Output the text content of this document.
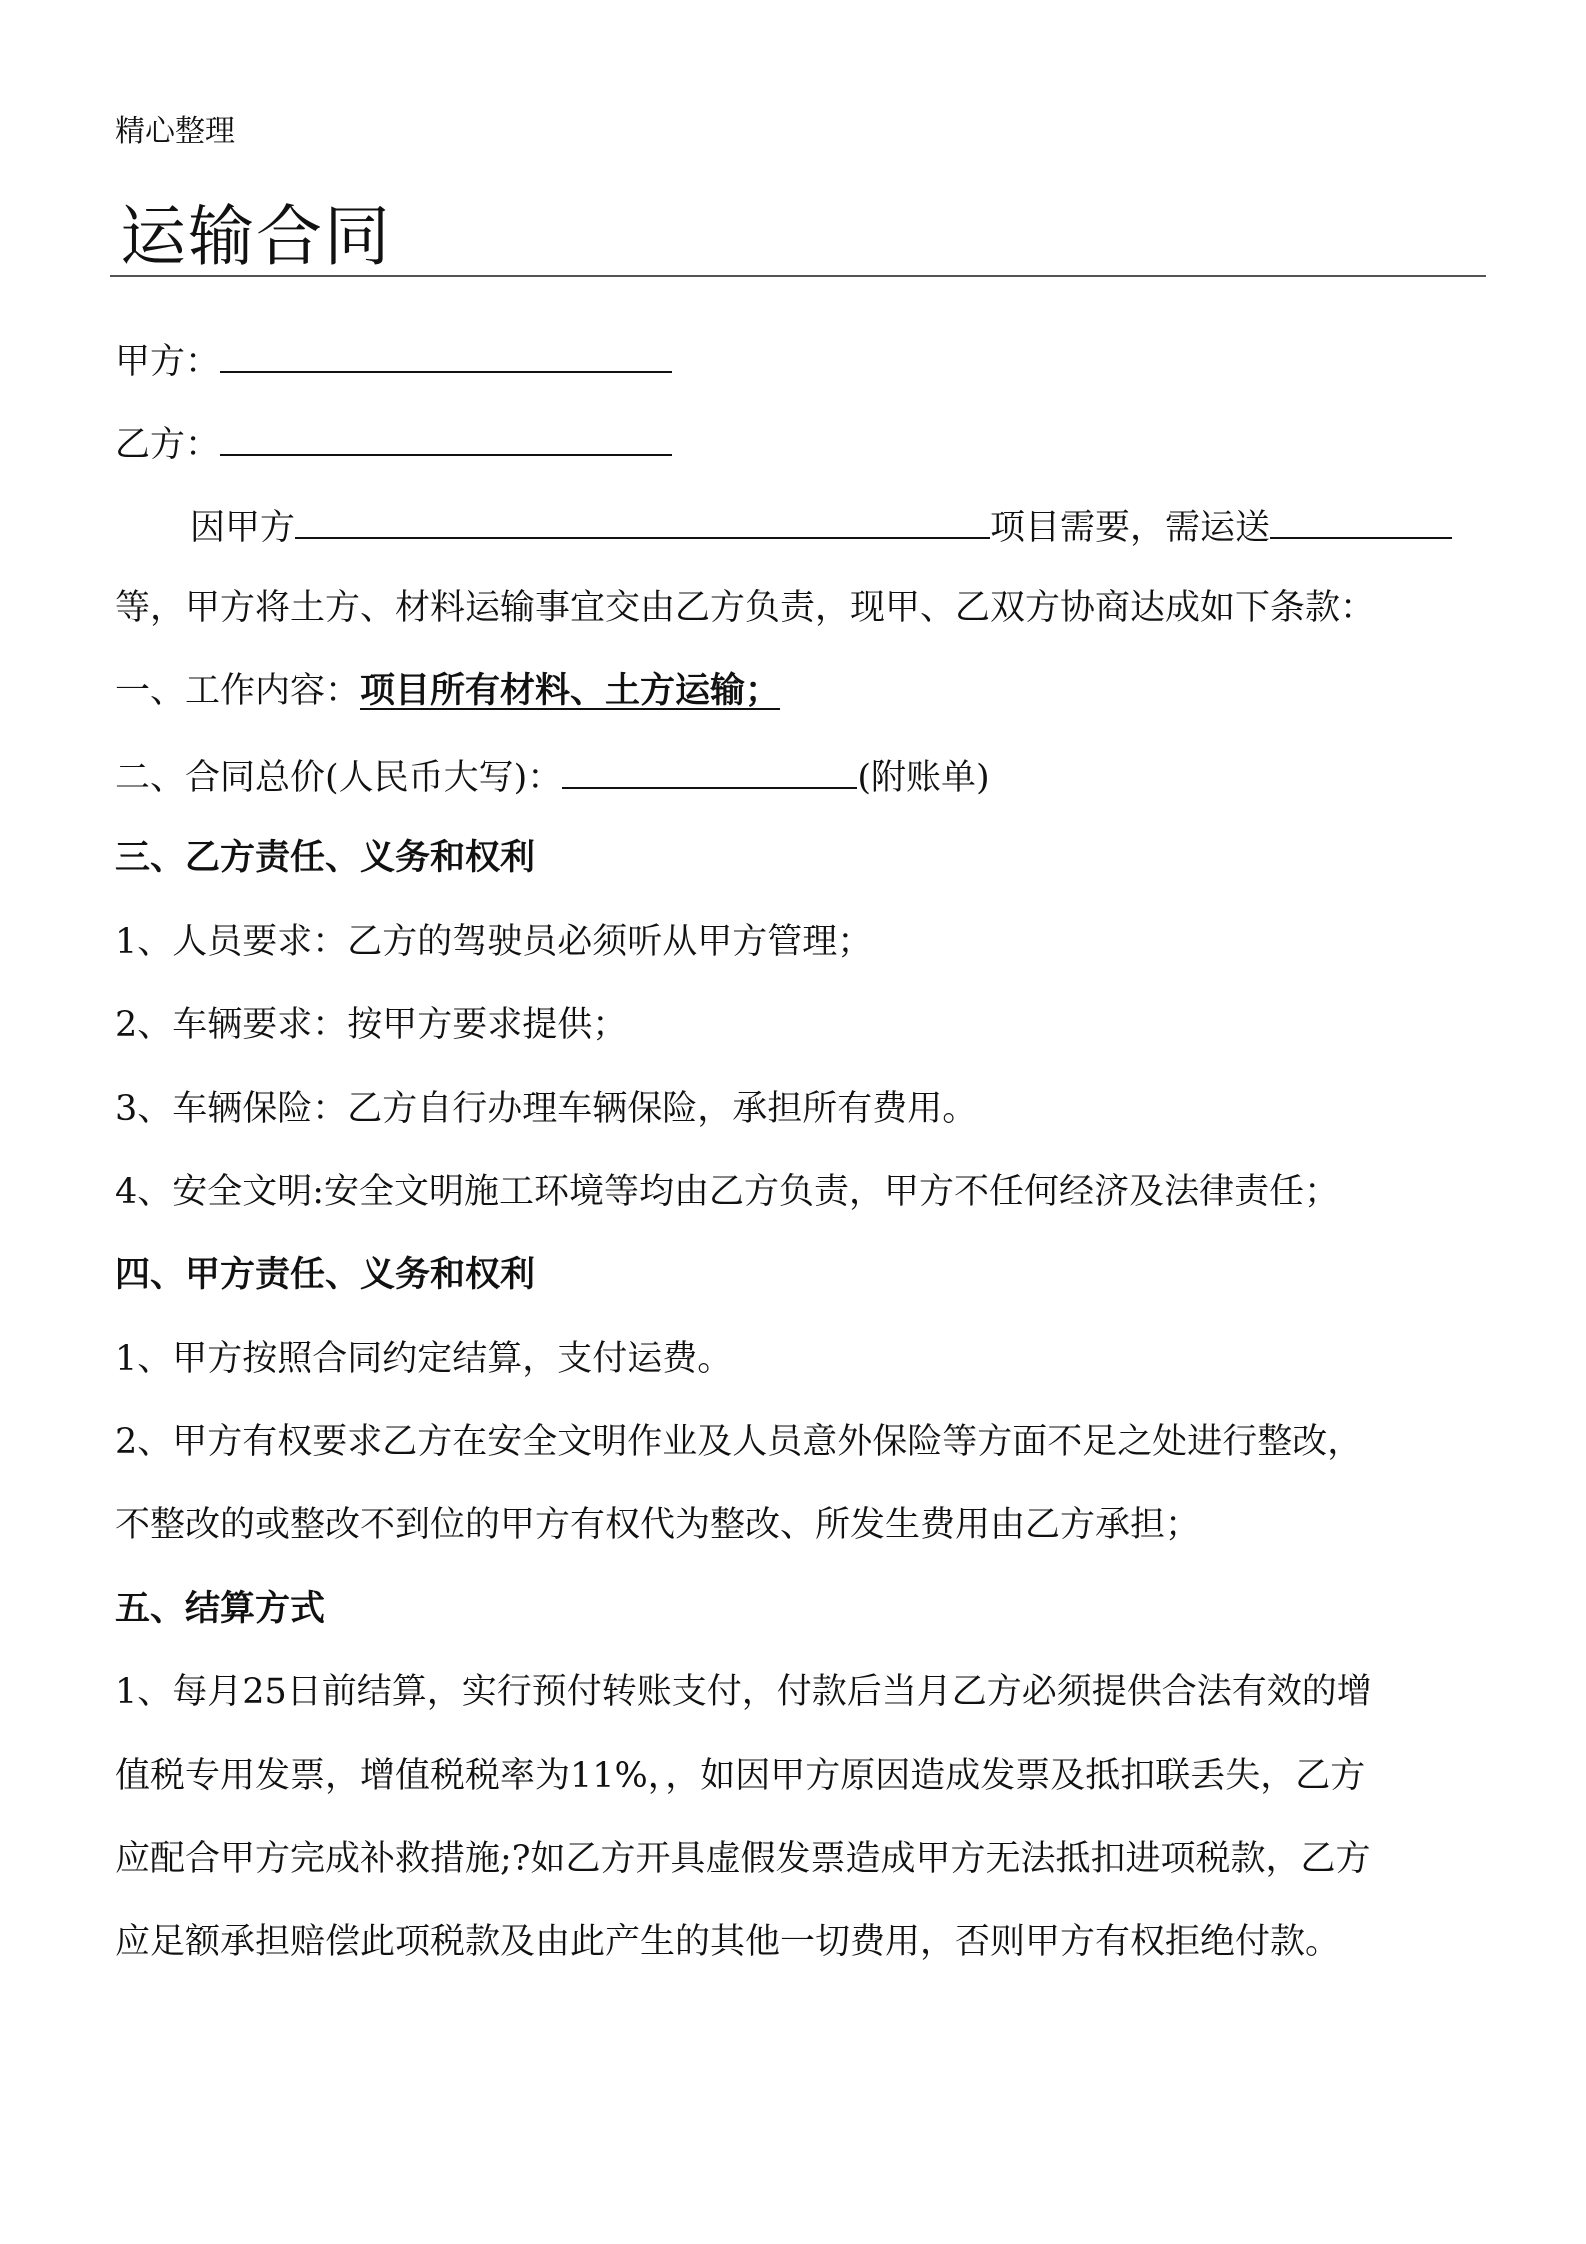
精心整理
运输合同
甲方：
乙方：
因甲方	项目需要，需运送
等，甲方将土方、材料运输事宜交由乙方负责，现甲、乙双方协商达成如下条款：
一、工作内容：项目所有材料、土方运输；
二、合同总价(人民币大写)：	(附账单)
三、乙方责任、义务和权利
1、人员要求：乙方的驾驶员必须听从甲方管理；
2、车辆要求：按甲方要求提供；
3、车辆保险：乙方自行办理车辆保险，承担所有费用。
4、安全文明:安全文明施工环境等均由乙方负责，甲方不任何经济及法律责任；
四、甲方责任、义务和权利
1、甲方按照合同约定结算，支付运费。
2、甲方有权要求乙方在安全文明作业及人员意外保险等方面不足之处进行整改，
不整改的或整改不到位的甲方有权代为整改、所发生费用由乙方承担；
五、结算方式
1、每月25日前结算，实行预付转账支付，付款后当月乙方必须提供合法有效的增
值税专用发票，增值税税率为11%，，如因甲方原因造成发票及抵扣联丢失，乙方
应配合甲方完成补救措施;?如乙方开具虚假发票造成甲方无法抵扣进项税款，乙方
应足额承担赔偿此项税款及由此产生的其他一切费用，否则甲方有权拒绝付款。
